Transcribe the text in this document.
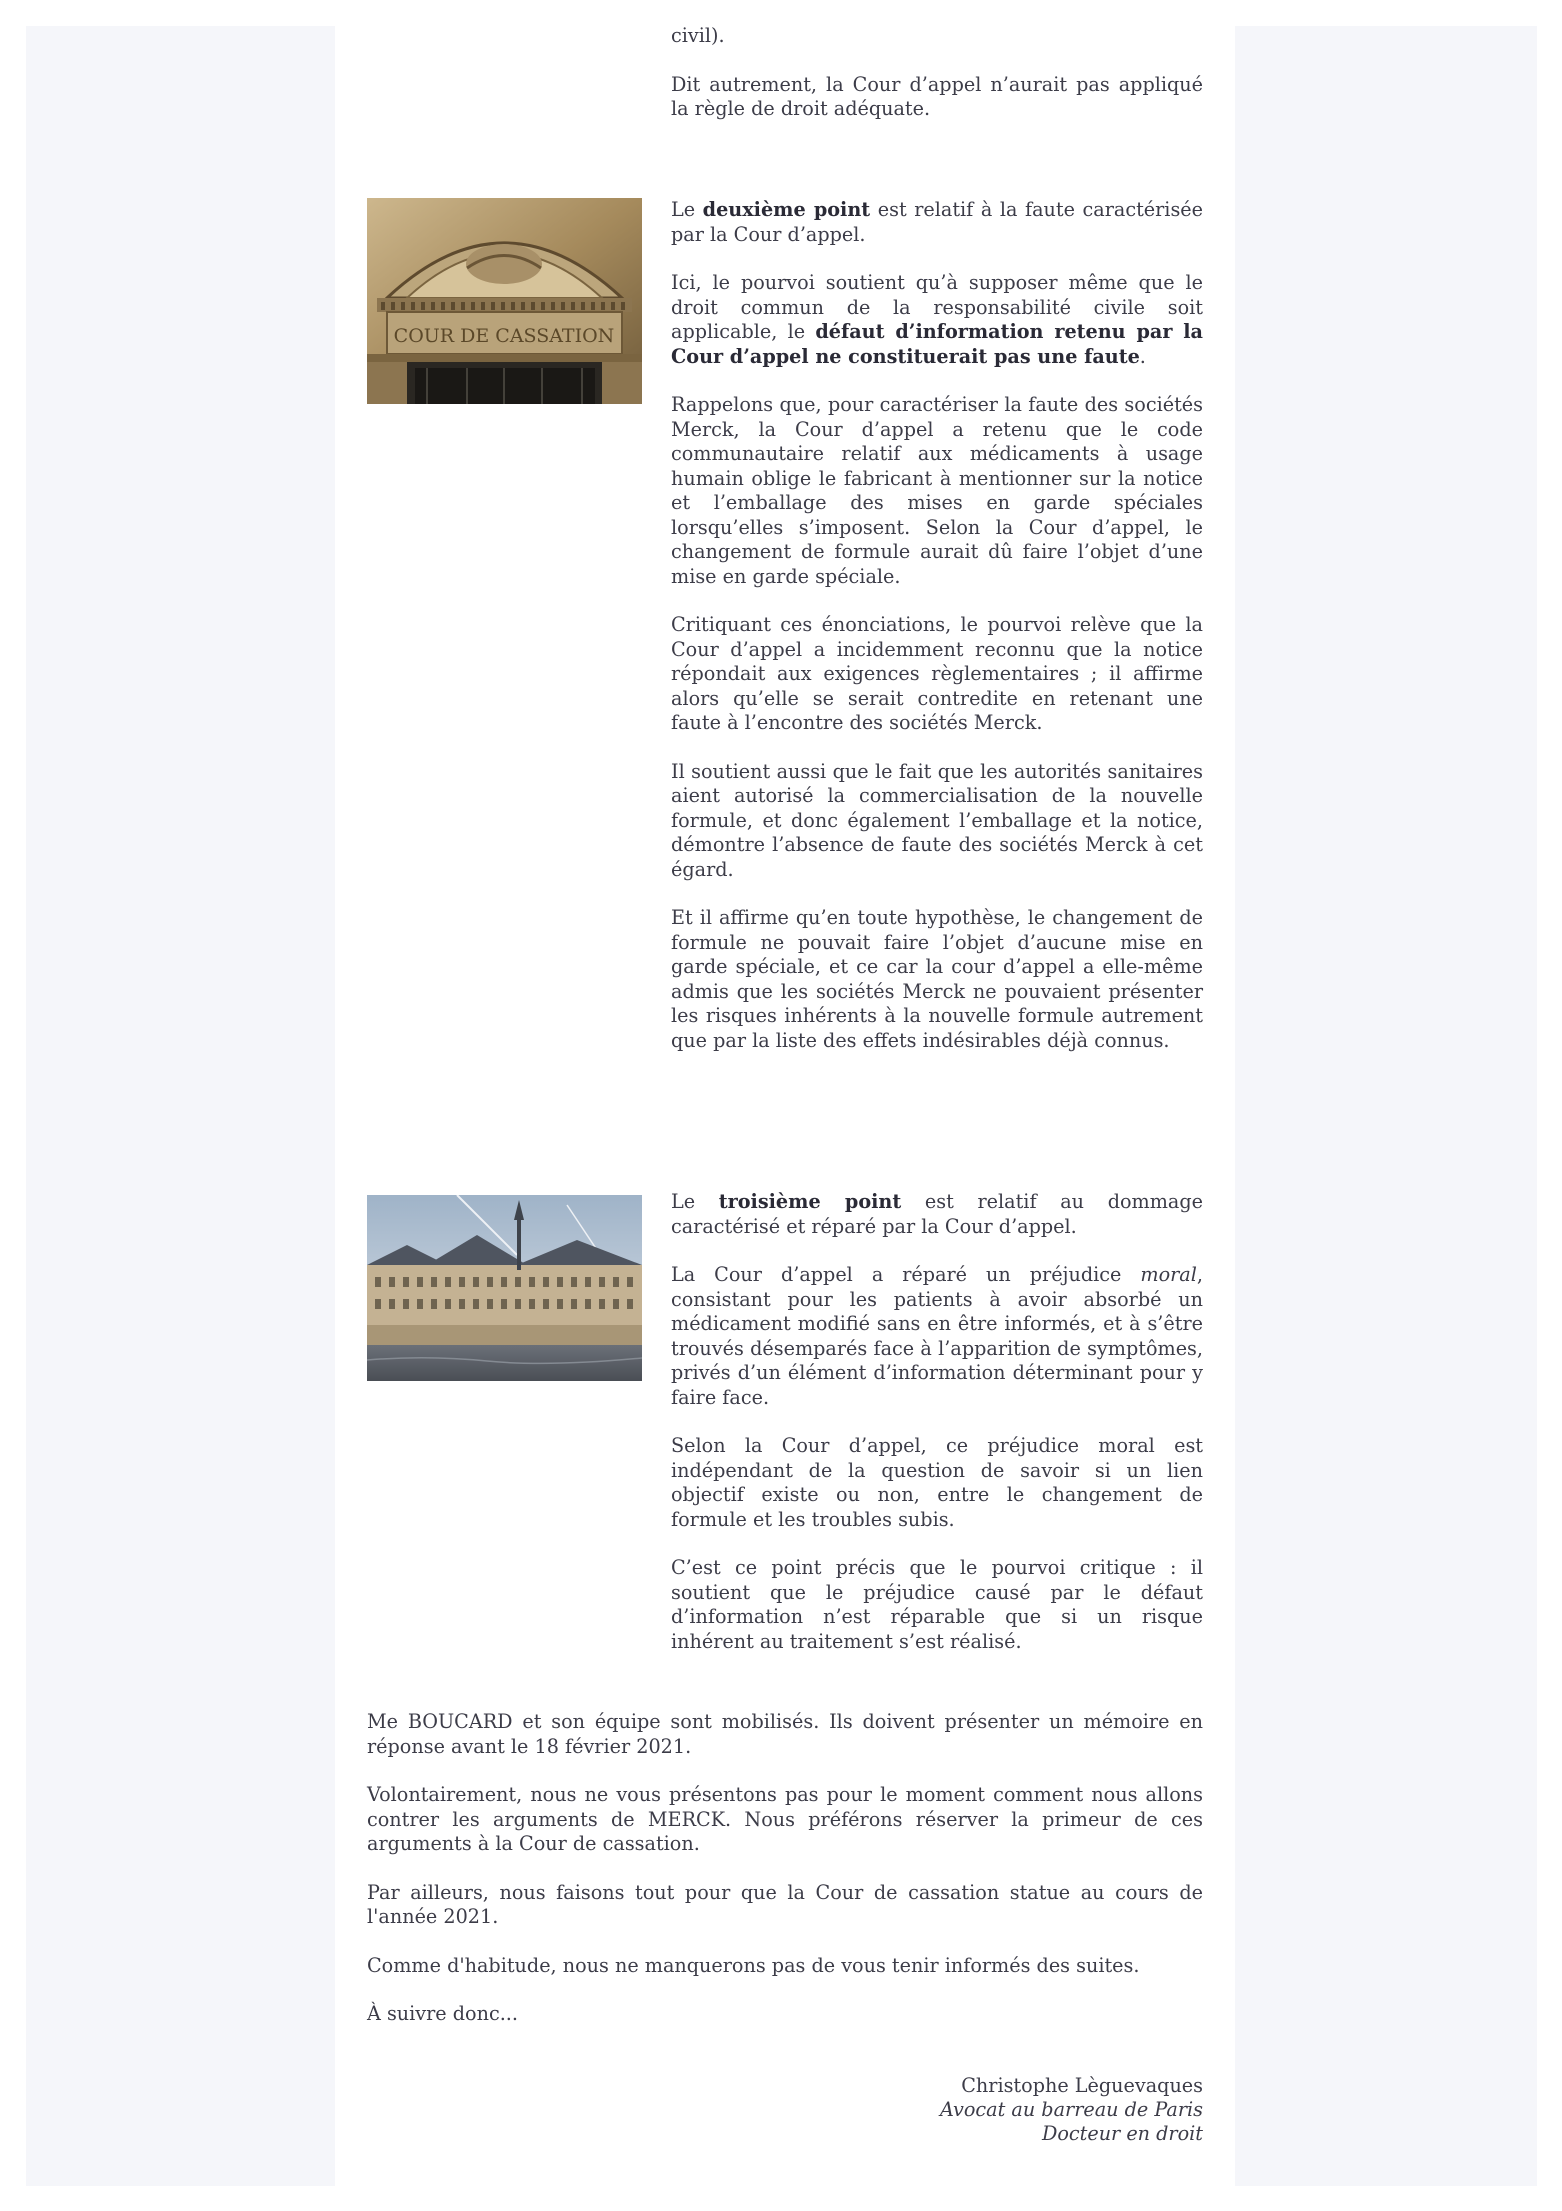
civil).

Dit autrement, la Cour d’appel n’aurait pas appliqué la règle de droit adéquate.

COUR DE CASSATION

Le deuxième point est relatif à la faute caractérisée par la Cour d’appel.

Ici, le pourvoi soutient qu’à supposer même que le droit commun de la responsabilité civile soit applicable, le défaut d’information retenu par la Cour d’appel ne constituerait pas une faute.

Rappelons que, pour caractériser la faute des sociétés Merck, la Cour d’appel a retenu que le code communautaire relatif aux médicaments à usage humain oblige le fabricant à mentionner sur la notice et l’emballage des mises en garde spéciales lorsqu’elles s’imposent. Selon la Cour d’appel, le changement de formule aurait dû faire l’objet d’une mise en garde spéciale.

Critiquant ces énonciations, le pourvoi relève que la Cour d’appel a incidemment reconnu que la notice répondait aux exigences règlementaires ; il affirme alors qu’elle se serait contredite en retenant une faute à l’encontre des sociétés Merck.

Il soutient aussi que le fait que les autorités sanitaires aient autorisé la commercialisation de la nouvelle formule, et donc également l’emballage et la notice, démontre l’absence de faute des sociétés Merck à cet égard.

Et il affirme qu’en toute hypothèse, le changement de formule ne pouvait faire l’objet d’aucune mise en garde spéciale, et ce car la cour d’appel a elle-même admis que les sociétés Merck ne pouvaient présenter les risques inhérents à la nouvelle formule autrement que par la liste des effets indésirables déjà connus.

Le troisième point est relatif au dommage caractérisé et réparé par la Cour d’appel.

La Cour d’appel a réparé un préjudice moral, consistant pour les patients à avoir absorbé un médicament modifié sans en être informés, et à s’être trouvés désemparés face à l’apparition de symptômes, privés d’un élément d’information déterminant pour y faire face.

Selon la Cour d’appel, ce préjudice moral est indépendant de la question de savoir si un lien objectif existe ou non, entre le changement de formule et les troubles subis.

C’est ce point précis que le pourvoi critique : il soutient que le préjudice causé par le défaut d’information n’est réparable que si un risque inhérent au traitement s’est réalisé.

Me BOUCARD et son équipe sont mobilisés. Ils doivent présenter un mémoire en réponse avant le 18 février 2021.

Volontairement, nous ne vous présentons pas pour le moment comment nous allons contrer les arguments de MERCK. Nous préférons réserver la primeur de ces arguments à la Cour de cassation.

Par ailleurs, nous faisons tout pour que la Cour de cassation statue au cours de l'année 2021.

Comme d'habitude, nous ne manquerons pas de vous tenir informés des suites.

À suivre donc...

Christophe Lèguevaques
Avocat au barreau de Paris
Docteur en droit
